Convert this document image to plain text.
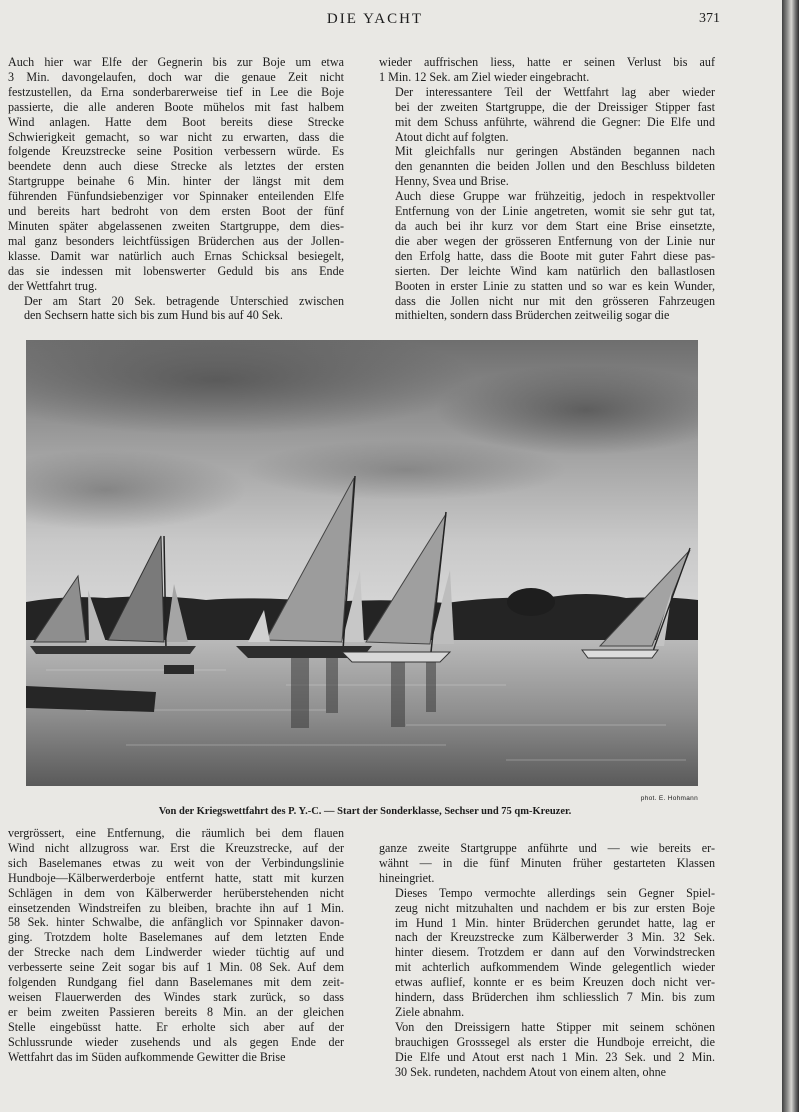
DIE YACHT	371

Auch hier war Elfe der Gegnerin bis zur Boje um etwa
3 Min. davongelaufen, doch war die genaue Zeit nicht
festzustellen, da Erna sonderbarerweise tief in Lee die Boje
passierte, die alle anderen Boote mühelos mit fast halbem
Wind anlagen. Hatte dem Boot bereits diese Strecke
Schwierigkeit gemacht, so war nicht zu erwarten, dass die
folgende Kreuzstrecke seine Position verbessern würde. Es
beendete denn auch diese Strecke als letztes der ersten
Startgruppe beinahe 6 Min. hinter der längst mit dem
führenden Fünfundsiebenziger vor Spinnaker enteilenden Elfe
und bereits hart bedroht von dem ersten Boot der fünf
Minuten später abgelassenen zweiten Startgruppe, dem dies-
mal ganz besonders leichtfüssigen Brüderchen aus der Jollen-
klasse. Damit war natürlich auch Ernas Schicksal besiegelt,
das sie indessen mit lobenswerter Geduld bis ans Ende
der Wettfahrt trug.

Der am Start 20 Sek. betragende Unterschied zwischen
den Sechsern hatte sich bis zum Hund bis auf 40 Sek.

wieder auffrischen liess, hatte er seinen Verlust bis auf
1 Min. 12 Sek. am Ziel wieder eingebracht.

Der interessantere Teil der Wettfahrt lag aber wieder
bei der zweiten Startgruppe, die der Dreissiger Stipper fast
mit dem Schuss anführte, während die Gegner: Die Elfe und
Atout dicht auf folgten.

Mit gleichfalls nur geringen Abständen begannen nach
den genannten die beiden Jollen und den Beschluss bildeten
Henny, Svea und Brise.

Auch diese Gruppe war frühzeitig, jedoch in respektvoller
Entfernung von der Linie angetreten, womit sie sehr gut tat,
da auch bei ihr kurz vor dem Start eine Brise einsetzte,
die aber wegen der grösseren Entfernung von der Linie nur
den Erfolg hatte, dass die Boote mit guter Fahrt diese pas-
sierten. Der leichte Wind kam natürlich den ballastlosen
Booten in erster Linie zu statten und so war es kein Wunder,
dass die Jollen nicht nur mit den grösseren Fahrzeugen
mithielten, sondern dass Brüderchen zeitweilig sogar die

phot. E. Hohmann
Von der Kriegswettfahrt des P. Y.-C. — Start der Sonderklasse, Sechser und 75 qm-Kreuzer.

vergrössert, eine Entfernung, die räumlich bei dem flauen
Wind nicht allzugross war. Erst die Kreuzstrecke, auf der
sich Baselemanes etwas zu weit von der Verbindungslinie
Hundboje—Kälberwerderboje entfernt hatte, statt mit kurzen
Schlägen in dem von Kälberwerder herüberstehenden nicht
einsetzenden Windstreifen zu bleiben, brachte ihn auf 1 Min.
58 Sek. hinter Schwalbe, die anfänglich vor Spinnaker davon-
ging. Trotzdem holte Baselemanes auf dem letzten Ende
der Strecke nach dem Lindwerder wieder tüchtig auf und
verbesserte seine Zeit sogar bis auf 1 Min. 08 Sek. Auf dem
folgenden Rundgang fiel dann Baselemanes mit dem zeit-
weisen Flauerwerden des Windes stark zurück, so dass
er beim zweiten Passieren bereits 8 Min. an der gleichen
Stelle eingebüsst hatte. Er erholte sich aber auf der
Schlussrunde wieder zusehends und als gegen Ende der
Wettfahrt das im Süden aufkommende Gewitter die Brise

ganze zweite Startgruppe anführte und — wie bereits er-
wähnt — in die fünf Minuten früher gestarteten Klassen
hineingriet.

Dieses Tempo vermochte allerdings sein Gegner Spiel-
zeug nicht mitzuhalten und nachdem er bis zur ersten Boje
im Hund 1 Min. hinter Brüderchen gerundet hatte, lag er
nach der Kreuzstrecke zum Kälberwerder 3 Min. 32 Sek.
hinter diesem. Trotzdem er dann auf den Vorwindstrecken
mit achterlich aufkommendem Winde gelegentlich wieder
etwas auflief, konnte er es beim Kreuzen doch nicht ver-
hindern, dass Brüderchen ihm schliesslich 7 Min. bis zum
Ziele abnahm.

Von den Dreissigern hatte Stipper mit seinem schönen
brauchigen Grosssegel als erster die Hundboje erreicht, die
Die Elfe und Atout erst nach 1 Min. 23 Sek. und 2 Min.
30 Sek. rundeten, nachdem Atout von einem alten, ohne
